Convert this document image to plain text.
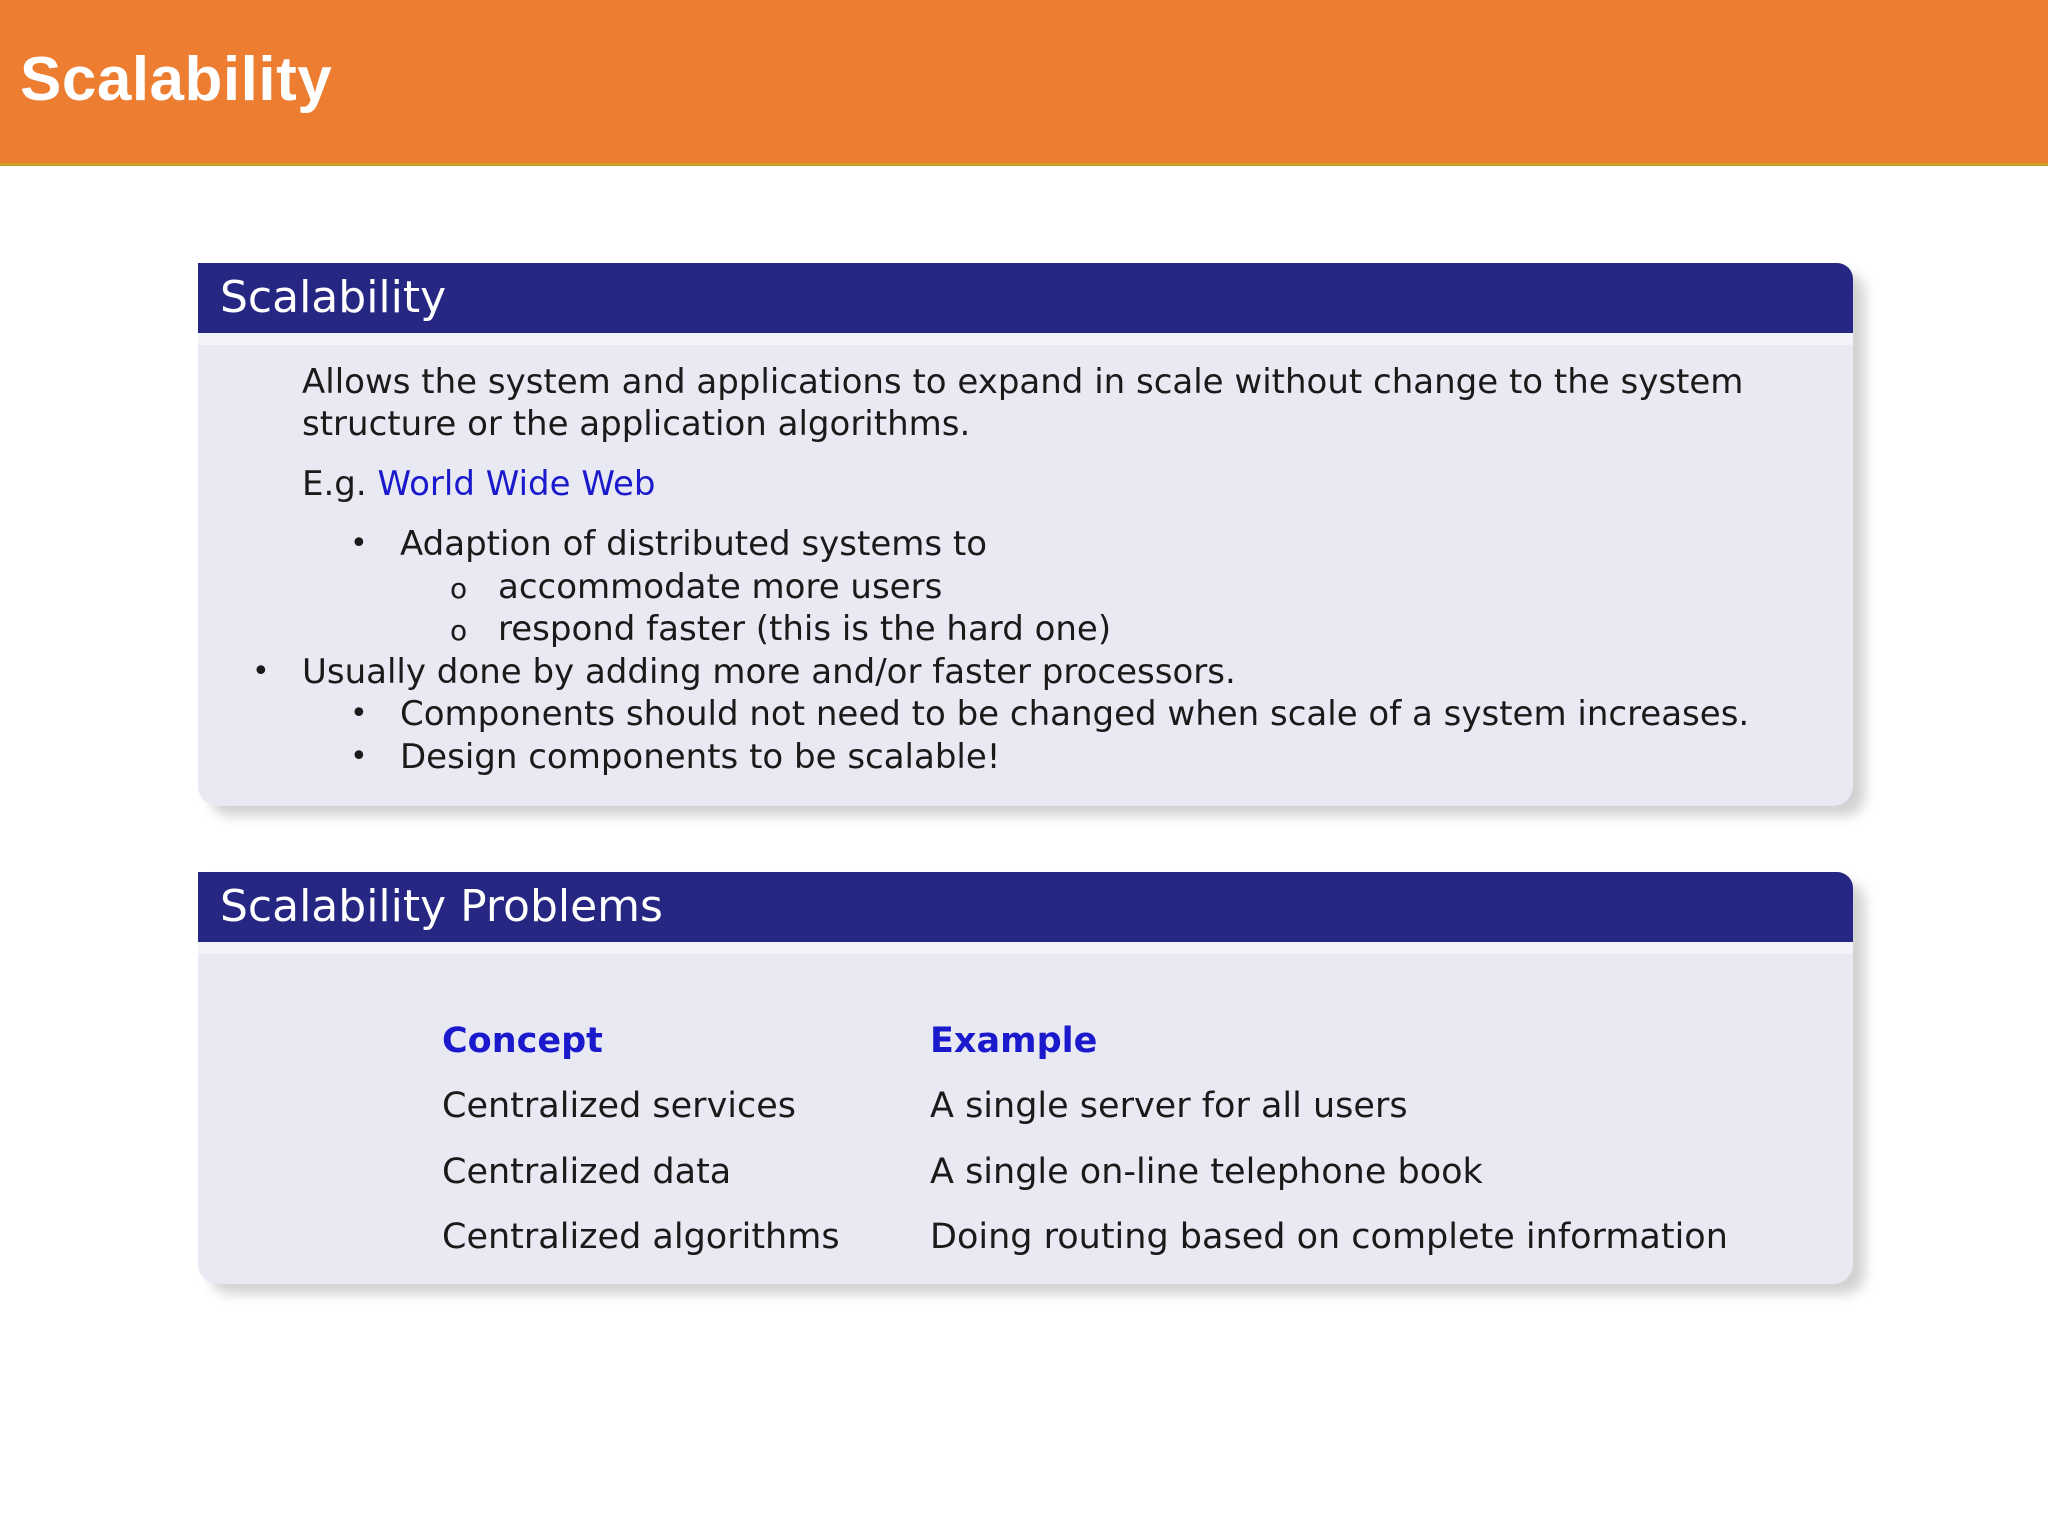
Scalability
Scalability

Allows the system and applications to expand in scale without change to the system structure or the application algorithms.

E.g. World Wide Web

• Adaption of distributed systems to
o accommodate more users
o respond faster (this is the hard one)
• Usually done by adding more and/or faster processors.
• Components should not need to be changed when scale of a system increases.
• Design components to be scalable!
Scalability Problems
Concept	Example
Centralized services	A single server for all users
Centralized data	A single on-line telephone book
Centralized algorithms	Doing routing based on complete information
